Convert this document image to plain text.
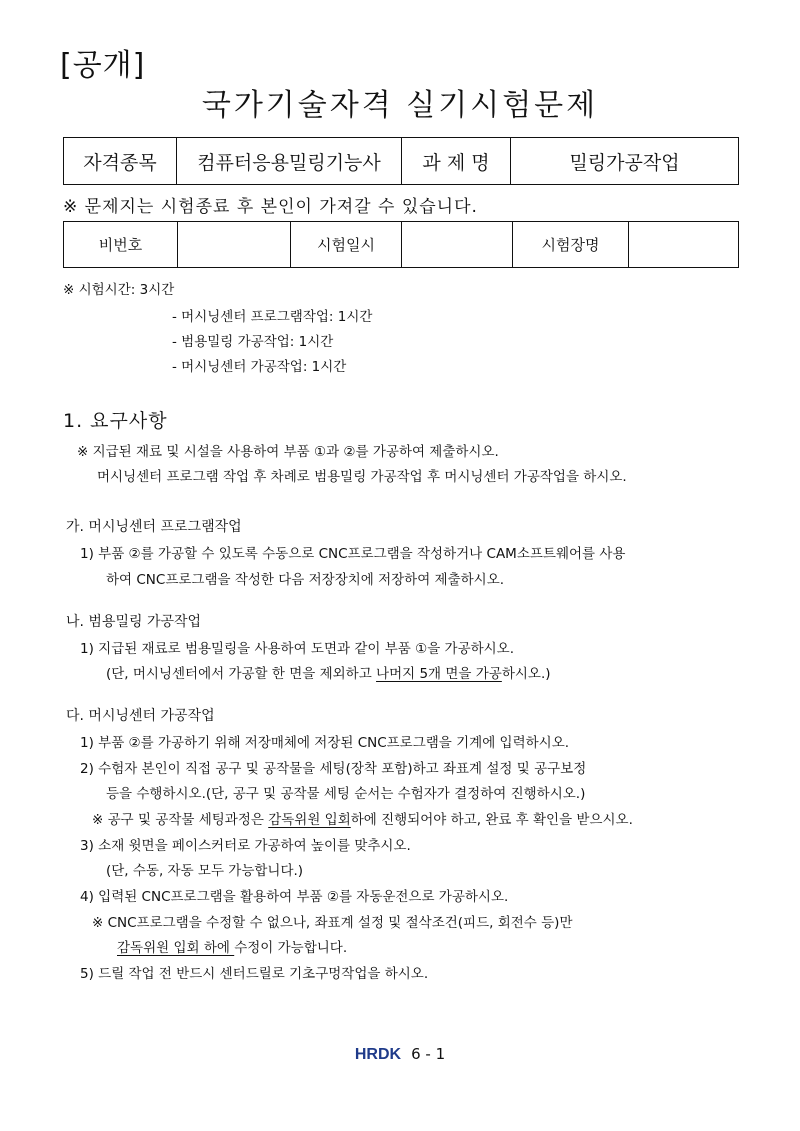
[공개]
국가기술자격 실기시험문제
자격종목	컴퓨터응용밀링기능사	과 제 명	밀링가공작업
※ 문제지는 시험종료 후 본인이 가져갈 수 있습니다.
비번호		시험일시		시험장명	
※ 시험시간: 3시간
- 머시닝센터 프로그램작업: 1시간
- 범용밀링 가공작업: 1시간
- 머시닝센터 가공작업: 1시간
1. 요구사항
※ 지급된 재료 및 시설을 사용하여 부품 ①과 ②를 가공하여 제출하시오.
머시닝센터 프로그램 작업 후 차례로 범용밀링 가공작업 후 머시닝센터 가공작업을 하시오.
가. 머시닝센터 프로그램작업
1) 부품 ②를 가공할 수 있도록 수동으로 CNC프로그램을 작성하거나 CAM소프트웨어를 사용
하여 CNC프로그램을 작성한 다음 저장장치에 저장하여 제출하시오.
나. 범용밀링 가공작업
1) 지급된 재료로 범용밀링을 사용하여 도면과 같이 부품 ①을 가공하시오.
(단, 머시닝센터에서 가공할 한 면을 제외하고 나머지 5개 면을 가공하시오.)
다. 머시닝센터 가공작업
1) 부품 ②를 가공하기 위해 저장매체에 저장된 CNC프로그램을 기계에 입력하시오.
2) 수험자 본인이 직접 공구 및 공작물을 세팅(장착 포함)하고 좌표계 설정 및 공구보정
등을 수행하시오.(단, 공구 및 공작물 세팅 순서는 수험자가 결정하여 진행하시오.)
※ 공구 및 공작물 세팅과정은 감독위원 입회하에 진행되어야 하고, 완료 후 확인을 받으시오.
3) 소재 윗면을 페이스커터로 가공하여 높이를 맞추시오.
(단, 수동, 자동 모두 가능합니다.)
4) 입력된 CNC프로그램을 활용하여 부품 ②를 자동운전으로 가공하시오.
※ CNC프로그램을 수정할 수 없으나, 좌표계 설정 및 절삭조건(피드, 회전수 등)만
감독위원 입회 하에 수정이 가능합니다.
5) 드릴 작업 전 반드시 센터드릴로 기초구멍작업을 하시오.
HRDK 6 - 1
